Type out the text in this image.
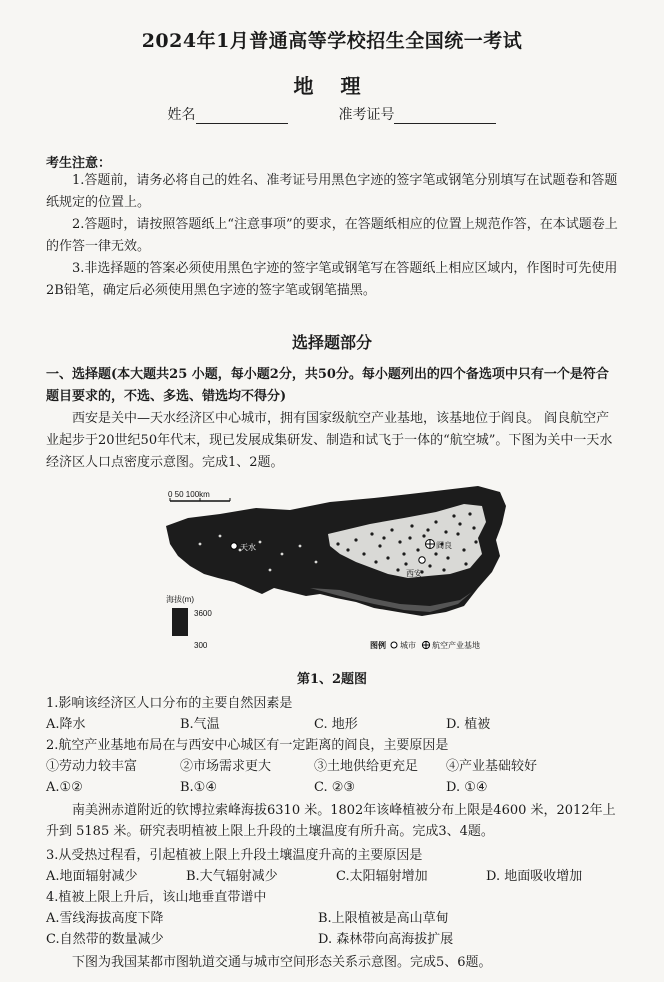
2024年1月普通高等学校招生全国统一考试
地 理
姓名	准考证号
考生注意：
1.答题前，请务必将自己的姓名、准考证号用黑色字迹的签字笔或钢笔分别填写在试题卷和答题纸规定的位置上。
2.答题时，请按照答题纸上“注意事项”的要求，在答题纸相应的位置上规范作答，在本试题卷上的作答一律无效。
3.非选择题的答案必须使用黑色字迹的签字笔或钢笔写在答题纸上相应区域内，作图时可先使用2B铅笔，确定后必须使用黑色字迹的签字笔或钢笔描黑。
选择题部分
一、选择题(本大题共25 小题，每小题2分，共50分。每小题列出的四个备选项中只有一个是符合题目要求的，不选、多选、错选均不得分)
西安是关中—天水经济区中心城市，拥有国家级航空产业基地，该基地位于阎良。 阎良航空产业起步于20世纪50年代末，现已发展成集研发、制造和试飞于一体的“航空城”。下图为关中一天水经济区人口点密度示意图。完成1、2题。
0 50 100km
天水
西安
阎良
海拔(m)
3600
300	图例 城市 航空产业基地
第1、2题图
1.影响该经济区人口分布的主要自然因素是
A.降水	B.气温	C. 地形	D. 植被
2.航空产业基地布局在与西安中心城区有一定距离的阎良，主要原因是
①劳动力较丰富	②市场需求更大	③土地供给更充足 ④产业基础较好
A.①②	B.①④	C. ②③	D. ①④
南美洲赤道附近的钦博拉索峰海拔6310 米。1802年该峰植被分布上限是4600 米，2012年上升到 5185 米。研究表明植被上限上升段的土壤温度有所升高。完成3、4题。
3.从受热过程看，引起植被上限上升段土壤温度升高的主要原因是
A.地面辐射减少	B.大气辐射减少	C.太阳辐射增加	D. 地面吸收增加
4.植被上限上升后，该山地垂直带谱中
A.雪线海拔高度下降	B.上限植被是高山草甸
C.自然带的数量减少	D. 森林带向高海拔扩展
下图为我国某都市图轨道交通与城市空间形态关系示意图。完成5、6题。
